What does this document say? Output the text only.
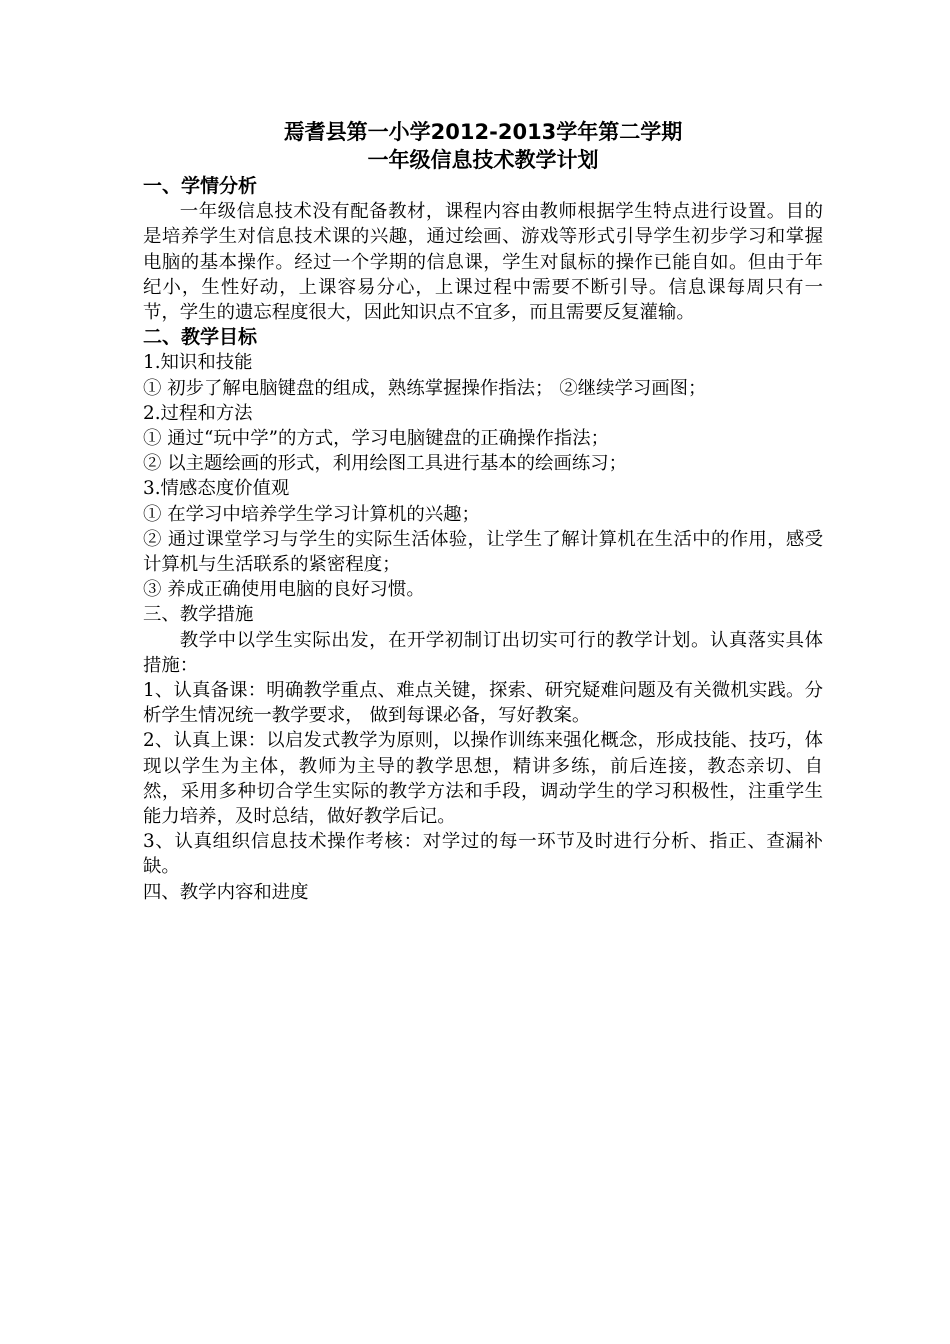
焉耆县第一小学2012-2013学年第二学期
一年级信息技术教学计划

一、学情分析

一年级信息技术没有配备教材，课程内容由教师根据学生特点进行设置。目的是培养学生对信息技术课的兴趣，通过绘画、游戏等形式引导学生初步学习和掌握电脑的基本操作。经过一个学期的信息课，学生对鼠标的操作已能自如。但由于年纪小，生性好动，上课容易分心，上课过程中需要不断引导。信息课每周只有一节，学生的遗忘程度很大，因此知识点不宜多，而且需要反复灌输。

二、教学目标

1.知识和技能

① 初步了解电脑键盘的组成，熟练掌握操作指法； ②继续学习画图；

2.过程和方法

① 通过“玩中学”的方式，学习电脑键盘的正确操作指法；

② 以主题绘画的形式，利用绘图工具进行基本的绘画练习；

3.情感态度价值观

① 在学习中培养学生学习计算机的兴趣；

② 通过课堂学习与学生的实际生活体验，让学生了解计算机在生活中的作用，感受计算机与生活联系的紧密程度；

③ 养成正确使用电脑的良好习惯。

三、教学措施

教学中以学生实际出发，在开学初制订出切实可行的教学计划。认真落实具体措施：

1、认真备课：明确教学重点、难点关键，探索、研究疑难问题及有关微机实践。分析学生情况统一教学要求， 做到每课必备，写好教案。

2、认真上课：以启发式教学为原则，以操作训练来强化概念，形成技能、技巧，体现以学生为主体，教师为主导的教学思想，精讲多练，前后连接，教态亲切、自然，采用多种切合学生实际的教学方法和手段，调动学生的学习积极性，注重学生能力培养，及时总结，做好教学后记。

3、认真组织信息技术操作考核：对学过的每一环节及时进行分析、指正、查漏补缺。

四、教学内容和进度
